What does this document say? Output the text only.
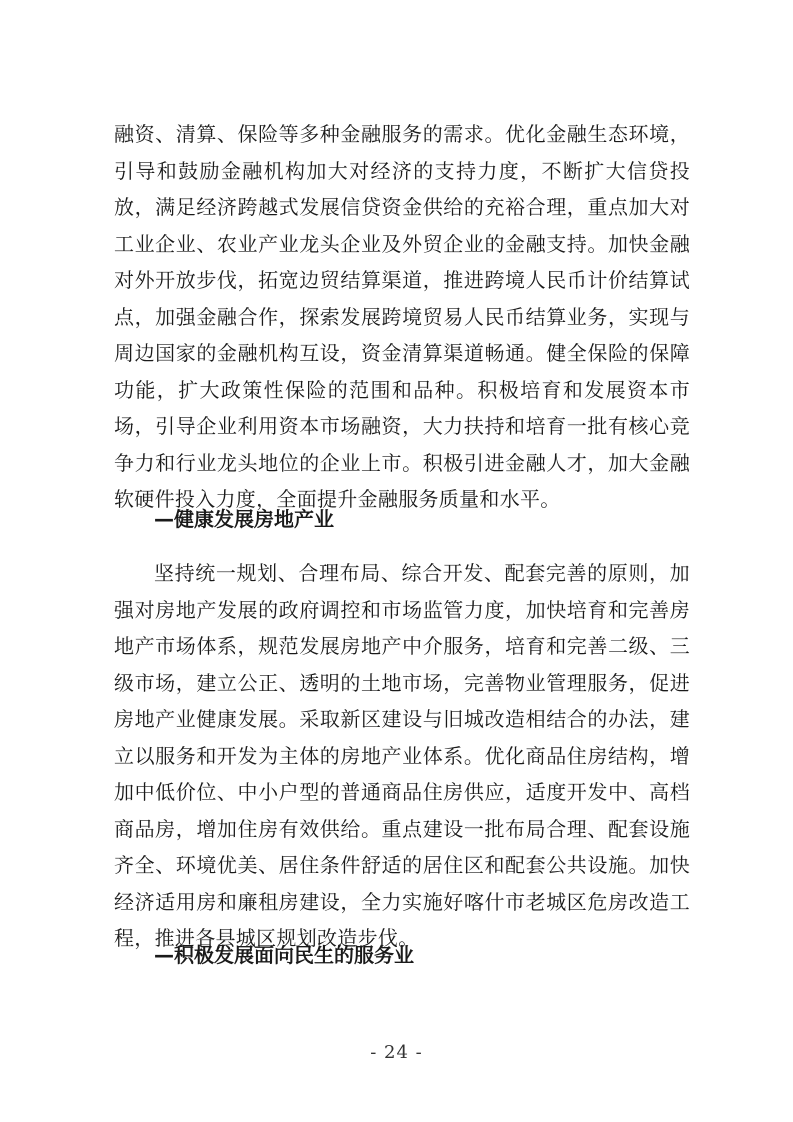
融资、清算、保险等多种金融服务的需求。优化金融生态环境，引导和鼓励金融机构加大对经济的支持力度，不断扩大信贷投放，满足经济跨越式发展信贷资金供给的充裕合理，重点加大对工业企业、农业产业龙头企业及外贸企业的金融支持。加快金融对外开放步伐，拓宽边贸结算渠道，推进跨境人民币计价结算试点，加强金融合作，探索发展跨境贸易人民币结算业务，实现与周边国家的金融机构互设，资金清算渠道畅通。健全保险的保障功能，扩大政策性保险的范围和品种。积极培育和发展资本市场，引导企业利用资本市场融资，大力扶持和培育一批有核心竞争力和行业龙头地位的企业上市。积极引进金融人才，加大金融软硬件投入力度，全面提升金融服务质量和水平。

—健康发展房地产业

坚持统一规划、合理布局、综合开发、配套完善的原则，加强对房地产发展的政府调控和市场监管力度，加快培育和完善房地产市场体系，规范发展房地产中介服务，培育和完善二级、三级市场，建立公正、透明的土地市场，完善物业管理服务，促进房地产业健康发展。采取新区建设与旧城改造相结合的办法，建立以服务和开发为主体的房地产业体系。优化商品住房结构，增加中低价位、中小户型的普通商品住房供应，适度开发中、高档商品房，增加住房有效供给。重点建设一批布局合理、配套设施齐全、环境优美、居住条件舒适的居住区和配套公共设施。加快经济适用房和廉租房建设，全力实施好喀什市老城区危房改造工程，推进各县城区规划改造步伐。

—积极发展面向民生的服务业
- 24 -
